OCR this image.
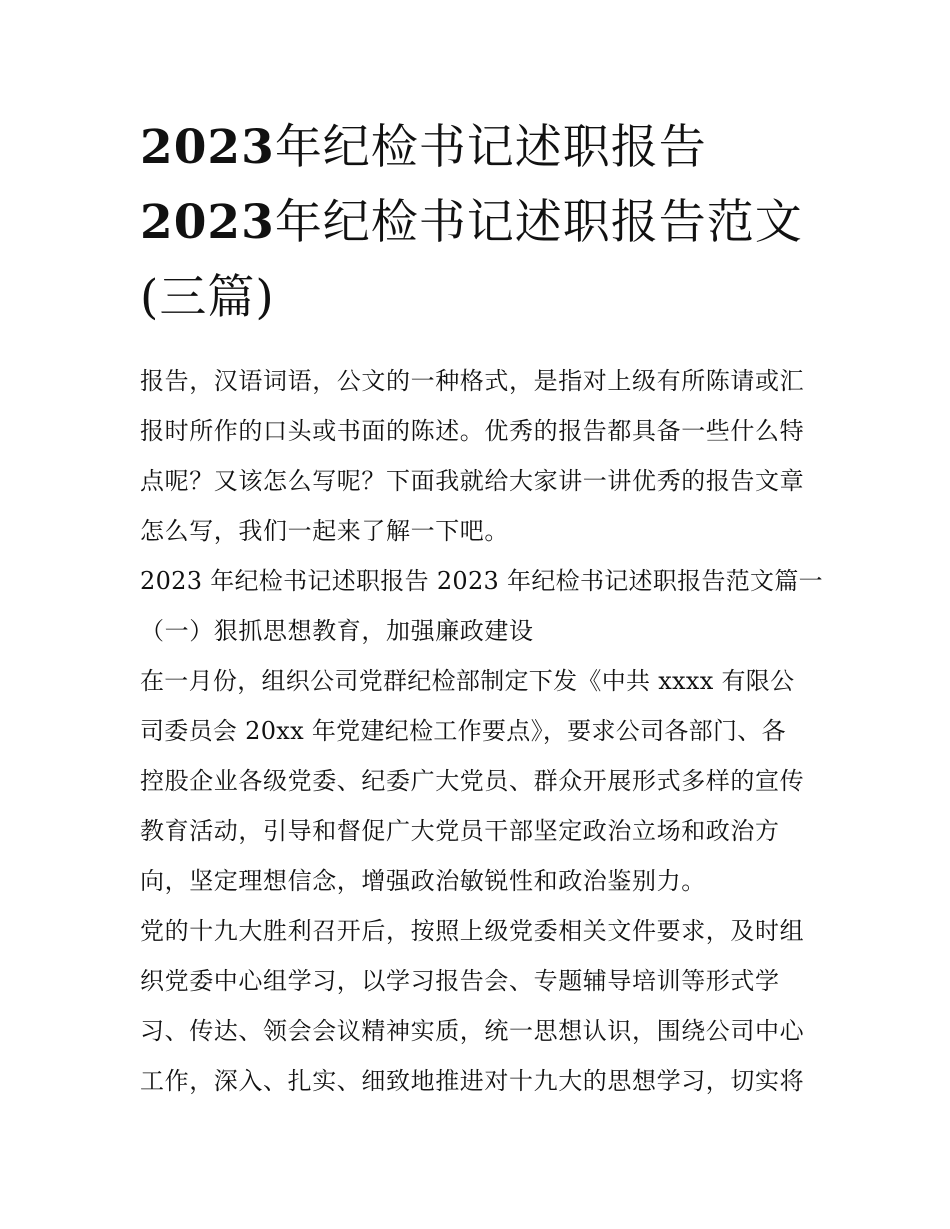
2023年纪检书记述职报告
2023年纪检书记述职报告范文
(三篇)
报告，汉语词语，公文的一种格式，是指对上级有所陈请或汇
报时所作的口头或书面的陈述。优秀的报告都具备一些什么特
点呢？又该怎么写呢？下面我就给大家讲一讲优秀的报告文章
怎么写，我们一起来了解一下吧。
2023 年纪检书记述职报告 2023 年纪检书记述职报告范文篇一
（一）狠抓思想教育，加强廉政建设
在一月份，组织公司党群纪检部制定下发《中共 xxxx 有限公
司委员会 20xx 年党建纪检工作要点》，要求公司各部门、各
控股企业各级党委、纪委广大党员、群众开展形式多样的宣传
教育活动，引导和督促广大党员干部坚定政治立场和政治方
向，坚定理想信念，增强政治敏锐性和政治鉴别力。
党的十九大胜利召开后，按照上级党委相关文件要求，及时组
织党委中心组学习，以学习报告会、专题辅导培训等形式学
习、传达、领会会议精神实质，统一思想认识，围绕公司中心
工作，深入、扎实、细致地推进对十九大的思想学习，切实将
